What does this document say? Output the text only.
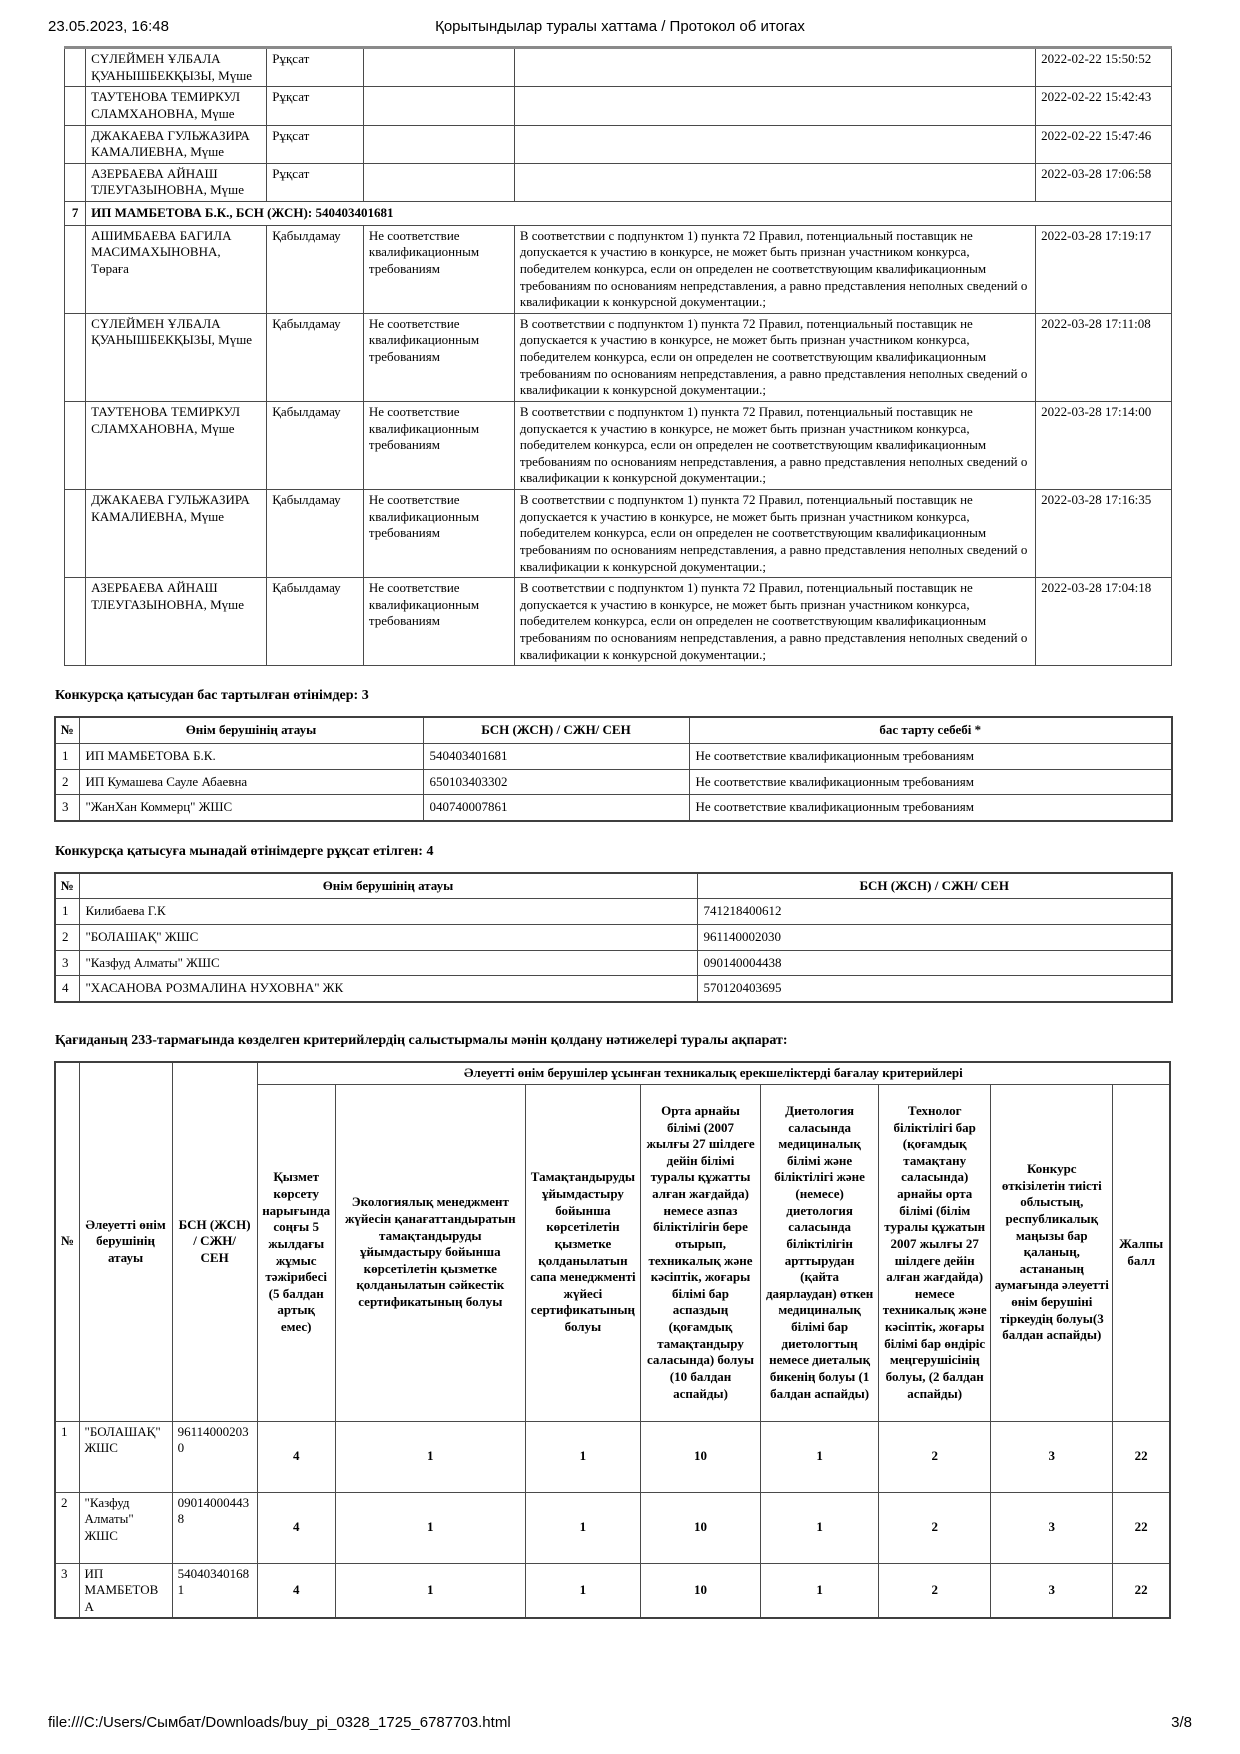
23.05.2023, 16:48	Қорытындылар туралы хаттама / Протокол об итогах
	СҮЛЕЙМЕН ҰЛБАЛА ҚУАНЫШБЕКҚЫЗЫ, Мүше	Рұқсат			2022-02-22 15:50:52
	ТАУТЕНОВА ТЕМИРКУЛ СЛАМХАНОВНА, Мүше	Рұқсат			2022-02-22 15:42:43
	ДЖАКАЕВА ГУЛЬЖАЗИРА КАМАЛИЕВНА, Мүше	Рұқсат			2022-02-22 15:47:46
	АЗЕРБАЕВА АЙНАШ ТЛЕУГАЗЫНОВНА, Мүше	Рұқсат			2022-03-28 17:06:58
7	ИП МАМБЕТОВА Б.К., БСН (ЖСН): 540403401681				
	АШИМБАЕВА БАГИЛА МАСИМАХЫНОВНА, Төраға	Қабылдамау	Не соответствие квалификационным требованиям	В соответствии с подпунктом 1) пункта 72 Правил, потенциальный поставщик не допускается к участию в конкурсе, не может быть признан участником конкурса, победителем конкурса, если он определен не соответствующим квалификационным требованиям по основаниям непредставления, а равно представления неполных сведений о квалификации к конкурсной документации.;	2022-03-28 17:19:17
	СҮЛЕЙМЕН ҰЛБАЛА ҚУАНЫШБЕКҚЫЗЫ, Мүше	Қабылдамау	Не соответствие квалификационным требованиям	В соответствии с подпунктом 1) пункта 72 Правил, потенциальный поставщик не допускается к участию в конкурсе, не может быть признан участником конкурса, победителем конкурса, если он определен не соответствующим квалификационным требованиям по основаниям непредставления, а равно представления неполных сведений о квалификации к конкурсной документации.;	2022-03-28 17:11:08
	ТАУТЕНОВА ТЕМИРКУЛ СЛАМХАНОВНА, Мүше	Қабылдамау	Не соответствие квалификационным требованиям	В соответствии с подпунктом 1) пункта 72 Правил, потенциальный поставщик не допускается к участию в конкурсе, не может быть признан участником конкурса, победителем конкурса, если он определен не соответствующим квалификационным требованиям по основаниям непредставления, а равно представления неполных сведений о квалификации к конкурсной документации.;	2022-03-28 17:14:00
	ДЖАКАЕВА ГУЛЬЖАЗИРА КАМАЛИЕВНА, Мүше	Қабылдамау	Не соответствие квалификационным требованиям	В соответствии с подпунктом 1) пункта 72 Правил, потенциальный поставщик не допускается к участию в конкурсе, не может быть признан участником конкурса, победителем конкурса, если он определен не соответствующим квалификационным требованиям по основаниям непредставления, а равно представления неполных сведений о квалификации к конкурсной документации.;	2022-03-28 17:16:35
	АЗЕРБАЕВА АЙНАШ ТЛЕУГАЗЫНОВНА, Мүше	Қабылдамау	Не соответствие квалификационным требованиям	В соответствии с подпунктом 1) пункта 72 Правил, потенциальный поставщик не допускается к участию в конкурсе, не может быть признан участником конкурса, победителем конкурса, если он определен не соответствующим квалификационным требованиям по основаниям непредставления, а равно представления неполных сведений о квалификации к конкурсной документации.;	2022-03-28 17:04:18

Конкурсқа қатысудан бас тартылған өтінімдер: 3

№	Өнім берушінің атауы	БСН (ЖСН) / СЖН/ СЕН	бас тарту себебі *
1	ИП МАМБЕТОВА Б.К.	540403401681	Не соответствие квалификационным требованиям
2	ИП Кумашева Сауле Абаевна	650103403302	Не соответствие квалификационным требованиям
3	"ЖанХан Коммерц" ЖШС	040740007861	Не соответствие квалификационным требованиям

Конкурсқа қатысуға мынадай өтінімдерге рұқсат етілген: 4

№	Өнім берушінің атауы	БСН (ЖСН) / СЖН/ СЕН
1	Килибаева Г.К	741218400612
2	"БОЛАШАҚ" ЖШС	961140002030
3	"Казфуд Алматы" ЖШС	090140004438
4	"ХАСАНОВА РОЗМАЛИНА НУХОВНА" ЖК	570120403695

Қағиданың 233-тармағында көзделген критерийлердің салыстырмалы мәнін қолдану нәтижелері туралы ақпарат:

№	Әлеуетті өнім берушінің атауы	БСН (ЖСН) / СЖН/ СЕН	Әлеуетті өнім берушілер ұсынған техникалық ерекшеліктерді бағалау критерийлері							
Қызмет көрсету нарығында соңғы 5 жылдағы жұмыс тәжірибесі (5 балдан артық емес)	Экологиялық менеджмент жүйесін қанағаттандыратын тамақтандыруды ұйымдастыру бойынша көрсетілетін қызметке қолданылатын сәйкестік сертификатының болуы	Тамақтандыруды ұйымдастыру бойынша көрсетілетін қызметке қолданылатын сапа менеджменті жүйесі сертификатының болуы	Орта арнайы білімі (2007 жылғы 27 шілдеге дейін білімі туралы құжатты алған жағдайда) немесе азпаз біліктілігін бере отырып, техникалық және кәсіптік, жоғары білімі бар аспаздың (қоғамдық тамақтандыру саласында) болуы (10 балдан аспайды)	Диетология саласында медициналық білімі және біліктілігі және (немесе) диетология саласында біліктілігін арттырудан (қайта даярлаудан) өткен медициналық білімі бар диетологтың немесе диеталық бикенің болуы (1 балдан аспайды)	Технолог біліктілігі бар (қоғамдық тамақтану саласында) арнайы орта білімі (білім туралы құжатын 2007 жылғы 27 шілдеге дейін алған жағдайда) немесе техникалық және кәсіптік, жоғары білімі бар өндіріс меңгерушісінің болуы, (2 балдан аспайды)	Конкурс өткізілетін тиісті облыстың, республикалық маңызы бар қаланың, астананың аумағында әлеуетті өнім берушіні тіркеудің болуы(3 балдан аспайды)	Жалпы балл
1	"БОЛАШАҚ" ЖШС	961140002030	4	1	1	10	1	2	3	22
2	"Казфуд Алматы" ЖШС	090140004438	4	1	1	10	1	2	3	22
3	ИП МАМБЕТОВА	540403401681	4	1	1	10	1	2	3	22
file:///C:/Users/Сымбат/Downloads/buy_pi_0328_1725_6787703.html	3/8
